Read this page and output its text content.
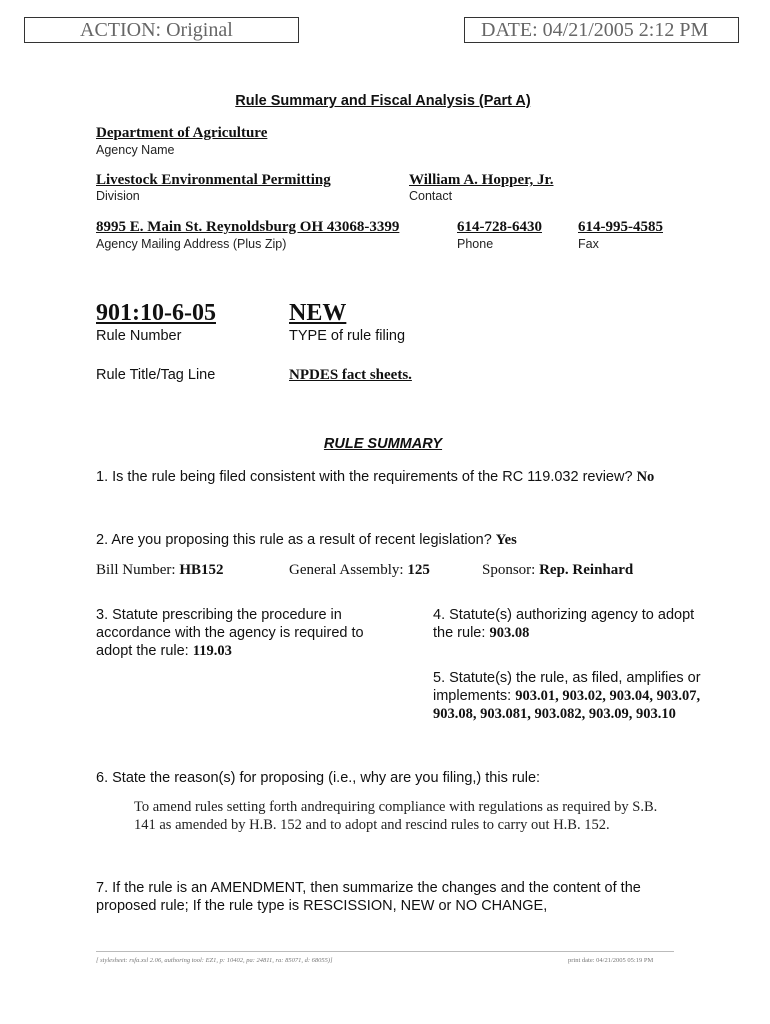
ACTION: Original	DATE: 04/21/2005 2:12 PM
Rule Summary and Fiscal Analysis (Part A)
Department of Agriculture
Agency Name
Livestock Environmental Permitting
Division
William A. Hopper, Jr.
Contact
8995 E. Main St. Reynoldsburg OH 43068-3399
Agency Mailing Address (Plus Zip)
614-728-6430
Phone
614-995-4585
Fax
901:10-6-05
Rule Number
NEW
TYPE of rule filing
Rule Title/Tag Line	NPDES fact sheets.
RULE SUMMARY
1. Is the rule being filed consistent with the requirements of the RC 119.032 review? No
2. Are you proposing this rule as a result of recent legislation? Yes
Bill Number: HB152	General Assembly: 125	Sponsor: Rep. Reinhard
3. Statute prescribing the procedure in accordance with the agency is required to adopt the rule: 119.03
4. Statute(s) authorizing agency to adopt the rule: 903.08
5. Statute(s) the rule, as filed, amplifies or implements: 903.01, 903.02, 903.04, 903.07, 903.08, 903.081, 903.082, 903.09, 903.10
6. State the reason(s) for proposing (i.e., why are you filing,) this rule:
To amend rules setting forth andrequiring compliance with regulations as required by S.B. 141 as amended by H.B. 152 and to adopt and rescind rules to carry out H.B. 152.
7. If the rule is an AMENDMENT, then summarize the changes and the content of the proposed rule; If the rule type is RESCISSION, NEW or NO CHANGE,
[ stylesheet: rsfa.xsl 2.06, authoring tool: EZ1, p: 10402, pa: 24811, ra: 85071, d: 68055)]	print date: 04/21/2005 05:19 PM
